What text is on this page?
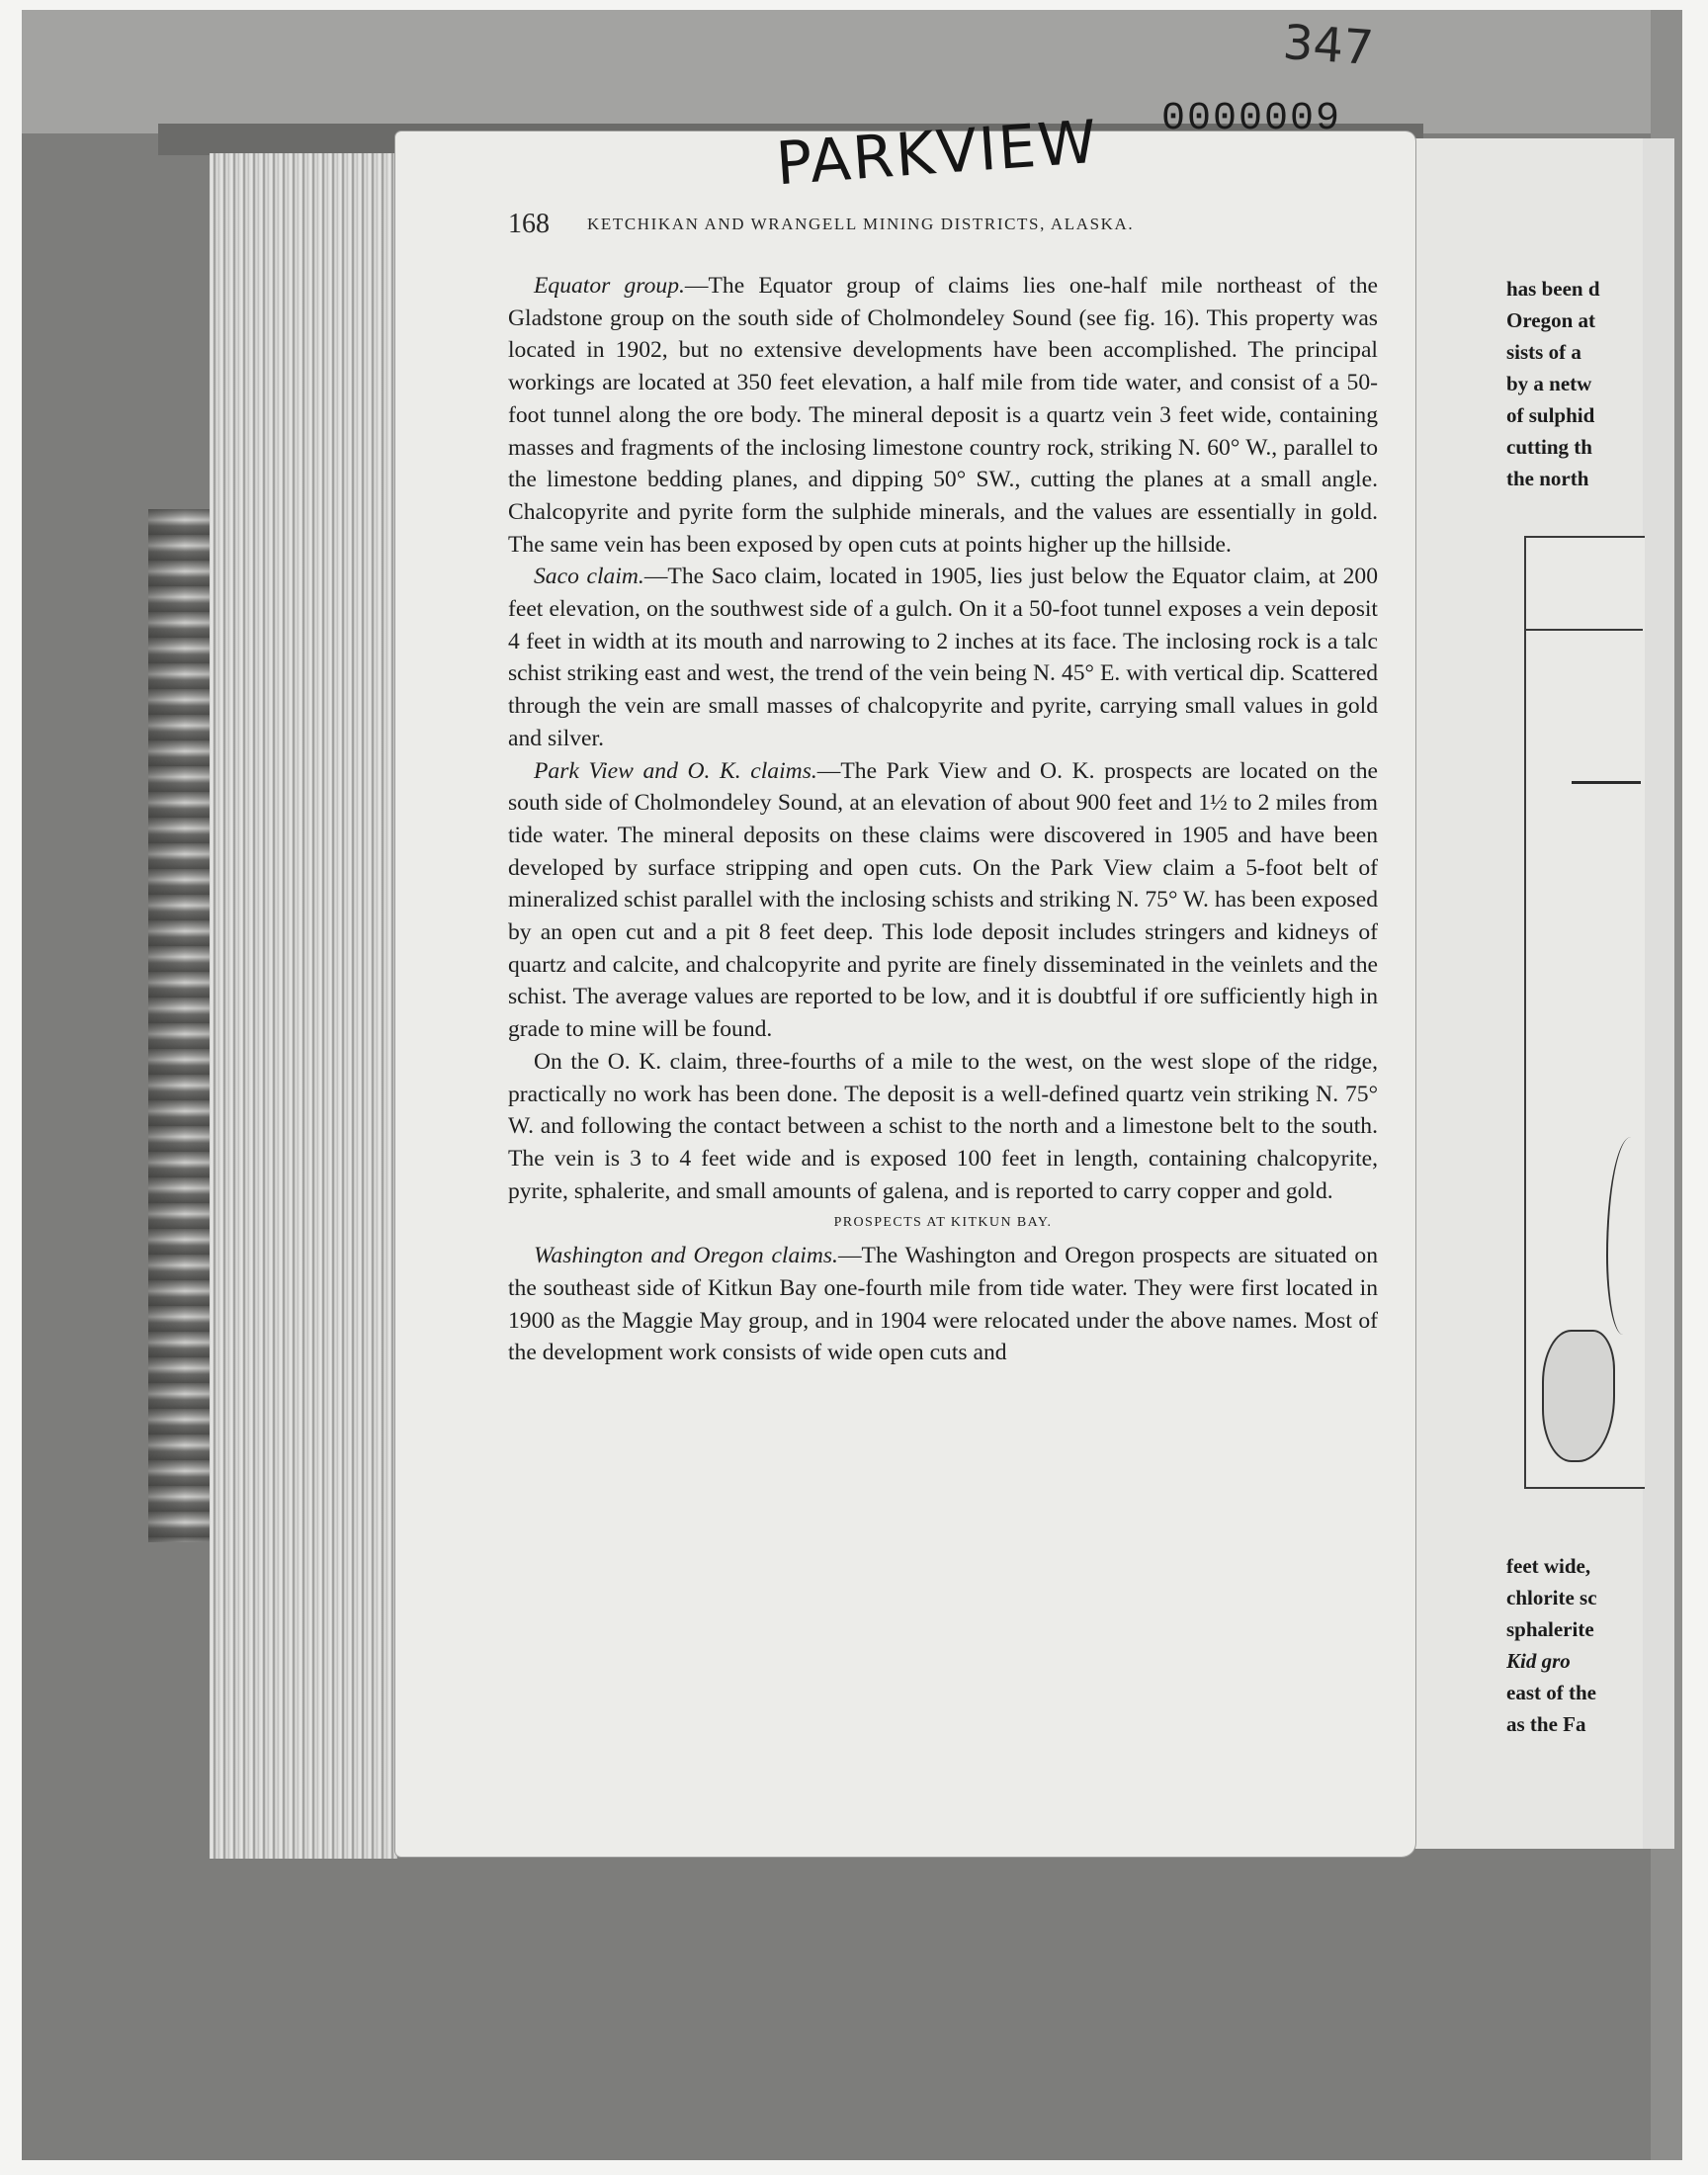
has been d
Oregon at
sists of a
by a netw
of sulphid
cutting th
the north
feet wide,
chlorite sc
sphalerite
Kid gro
east of the
as the Fa
168 KETCHIKAN AND WRANGELL MINING DISTRICTS, ALASKA.

Equator group.—The Equator group of claims lies one-half mile northeast of the Gladstone group on the south side of Cholmondeley Sound (see fig. 16). This property was located in 1902, but no extensive developments have been accomplished. The principal workings are located at 350 feet elevation, a half mile from tide water, and consist of a 50-foot tunnel along the ore body. The mineral deposit is a quartz vein 3 feet wide, containing masses and fragments of the inclosing limestone country rock, striking N. 60° W., parallel to the limestone bedding planes, and dipping 50° SW., cutting the planes at a small angle. Chalcopyrite and pyrite form the sulphide minerals, and the values are essentially in gold. The same vein has been exposed by open cuts at points higher up the hillside.

Saco claim.—The Saco claim, located in 1905, lies just below the Equator claim, at 200 feet elevation, on the southwest side of a gulch. On it a 50-foot tunnel exposes a vein deposit 4 feet in width at its mouth and narrowing to 2 inches at its face. The inclosing rock is a talc schist striking east and west, the trend of the vein being N. 45° E. with vertical dip. Scattered through the vein are small masses of chalcopyrite and pyrite, carrying small values in gold and silver.

Park View and O. K. claims.—The Park View and O. K. prospects are located on the south side of Cholmondeley Sound, at an elevation of about 900 feet and 1½ to 2 miles from tide water. The mineral deposits on these claims were discovered in 1905 and have been developed by surface stripping and open cuts. On the Park View claim a 5-foot belt of mineralized schist parallel with the inclosing schists and striking N. 75° W. has been exposed by an open cut and a pit 8 feet deep. This lode deposit includes stringers and kidneys of quartz and calcite, and chalcopyrite and pyrite are finely disseminated in the veinlets and the schist. The average values are reported to be low, and it is doubtful if ore sufficiently high in grade to mine will be found.

On the O. K. claim, three-fourths of a mile to the west, on the west slope of the ridge, practically no work has been done. The deposit is a well-defined quartz vein striking N. 75° W. and following the contact between a schist to the north and a limestone belt to the south. The vein is 3 to 4 feet wide and is exposed 100 feet in length, containing chalcopyrite, pyrite, sphalerite, and small amounts of galena, and is reported to carry copper and gold.

PROSPECTS AT KITKUN BAY.

Washington and Oregon claims.—The Washington and Oregon prospects are situated on the southeast side of Kitkun Bay one-fourth mile from tide water. They were first located in 1900 as the Maggie May group, and in 1904 were relocated under the above names. Most of the development work consists of wide open cuts and

347
0000009
PARKVIEW
